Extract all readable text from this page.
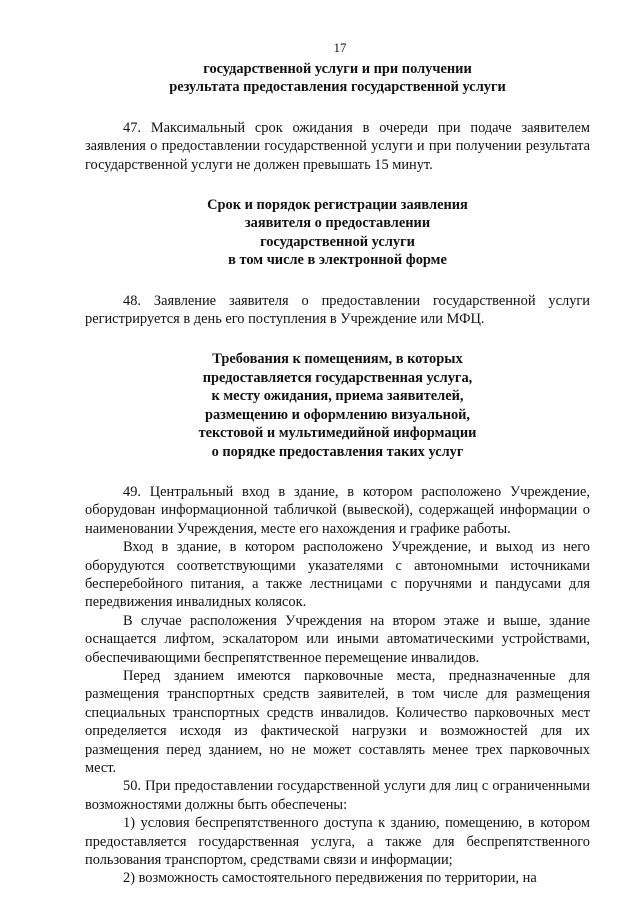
17

государственной услуги и при получении
результата предоставления государственной услуги

47. Максимальный срок ожидания в очереди при подаче заявителем заявления о предоставлении государственной услуги и при получении результата государственной услуги не должен превышать 15 минут.

Срок и порядок регистрации заявления
заявителя о предоставлении
государственной услуги
в том числе в электронной форме

48. Заявление заявителя о предоставлении государственной услуги регистрируется в день его поступления в Учреждение или МФЦ.

Требования к помещениям, в которых
предоставляется государственная услуга,
к месту ожидания, приема заявителей,
размещению и оформлению визуальной,
текстовой и мультимедийной информации
о порядке предоставления таких услуг

49. Центральный вход в здание, в котором расположено Учреждение, оборудован информационной табличкой (вывеской), содержащей информации о наименовании Учреждения, месте его нахождения и графике работы.

Вход в здание, в котором расположено Учреждение, и выход из него оборудуются соответствующими указателями с автономными источниками бесперебойного питания, а также лестницами с поручнями и пандусами для передвижения инвалидных колясок.

В случае расположения Учреждения на втором этаже и выше, здание оснащается лифтом, эскалатором или иными автоматическими устройствами, обеспечивающими беспрепятственное перемещение инвалидов.

Перед зданием имеются парковочные места, предназначенные для размещения транспортных средств заявителей, в том числе для размещения специальных транспортных средств инвалидов. Количество парковочных мест определяется исходя из фактической нагрузки и возможностей для их размещения перед зданием, но не может составлять менее трех парковочных мест.

50. При предоставлении государственной услуги для лиц с ограниченными возможностями должны быть обеспечены:

1) условия беспрепятственного доступа к зданию, помещению, в котором предоставляется государственная услуга, а также для беспрепятственного пользования транспортом, средствами связи и информации;

2) возможность самостоятельного передвижения по территории, на
